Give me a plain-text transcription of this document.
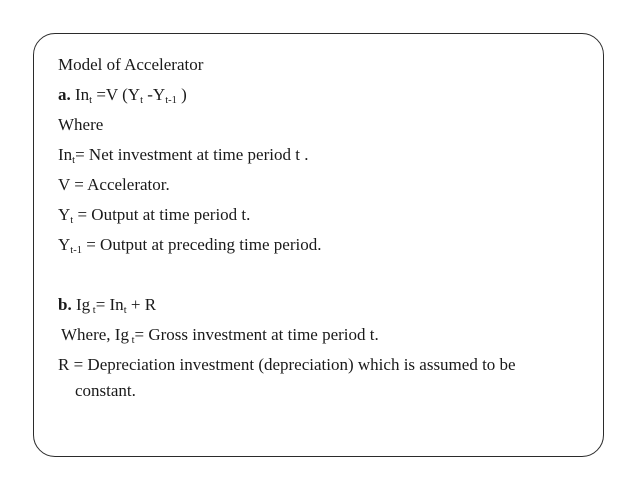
Model of Accelerator
a. $In_t =V$ ($Y_t$ $-Y_{t-1}$ )
Where
$In_t=$ Net investment at time period t .
V = Accelerator.
$Y_t$ = Output at time period t.
$Y_{t-1}$ = Output at preceding time period.
b. Ig $_t= In_t + R$
Where, Ig $_t$= Gross investment at time period t.
R = Depreciation investment (depreciation) which is assumed to be
constant.
